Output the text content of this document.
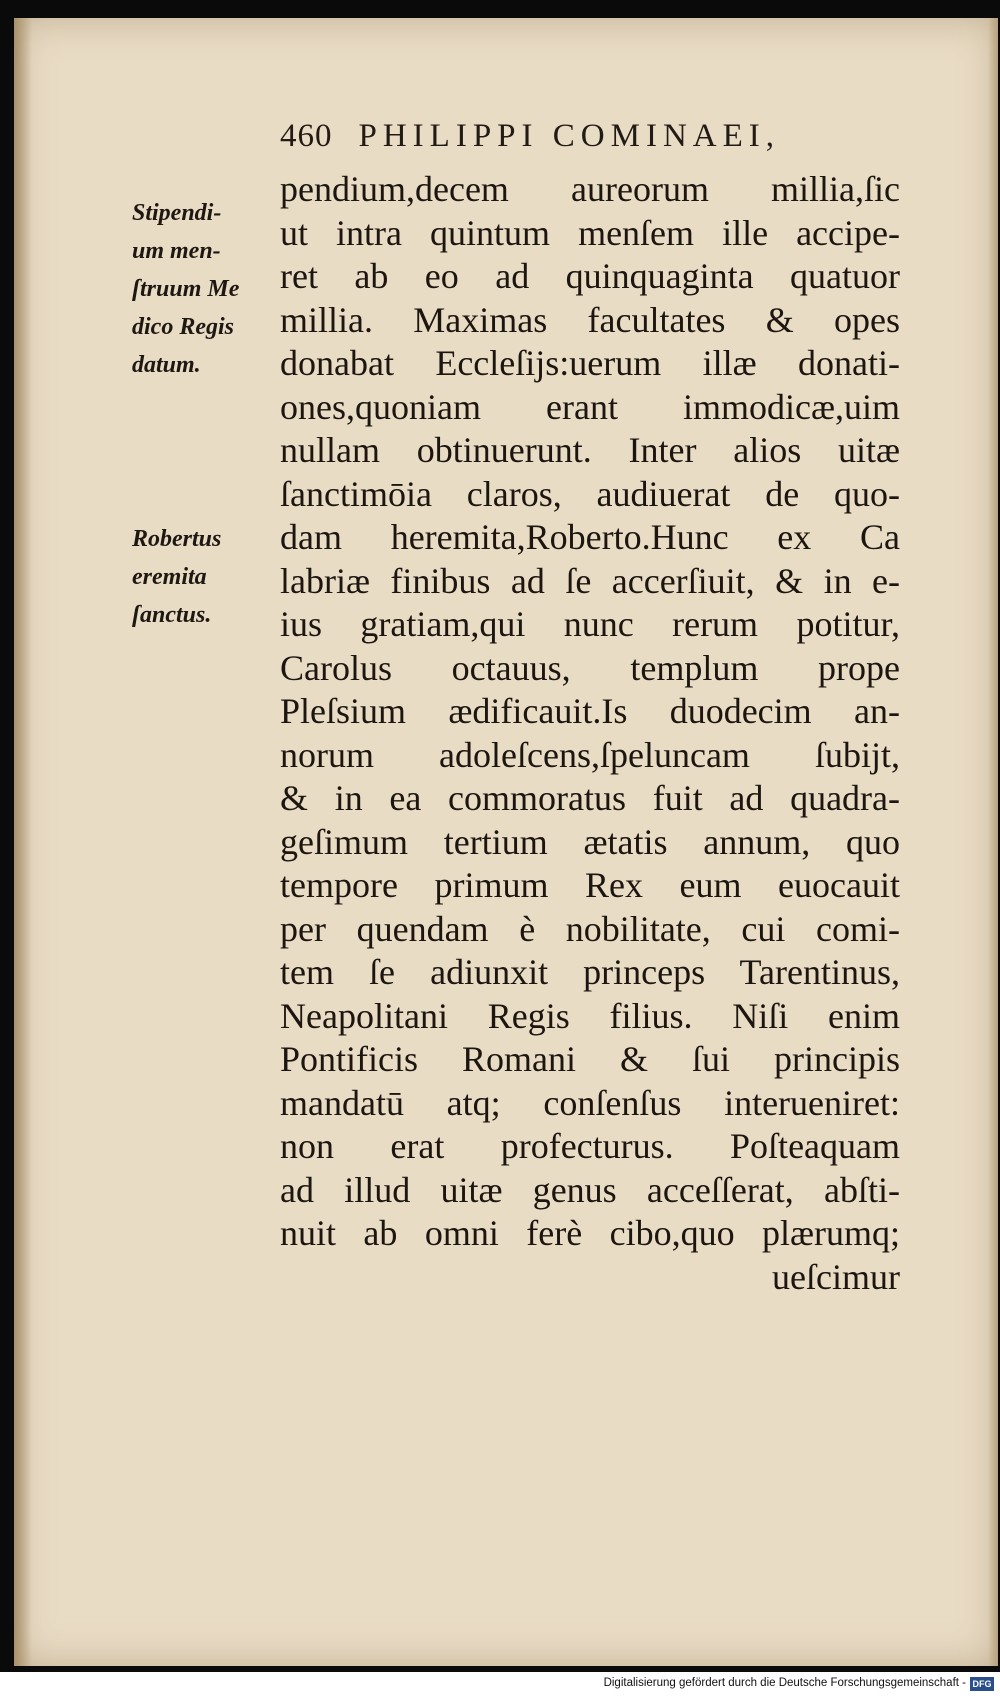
460 PHILIPPI COMINAEI,
Stipendi-
um men-
ſtruum Me
dico Regis
datum.
Robertus
eremita
ſanctus.
pendium,decem aureorum millia,ſic
ut intra quintum menſem ille accipe-
ret ab eo ad quinquaginta quatuor
millia. Maximas facultates & opes
donabat Eccleſijs:uerum illæ donati-
ones,quoniam erant immodicæ,uim
nullam obtinuerunt. Inter alios uitæ
ſanctimōia claros, audiuerat de quo-
dam heremita,Roberto.Hunc ex Ca
labriæ finibus ad ſe accerſiuit, & in e-
ius gratiam,qui nunc rerum potitur,
Carolus octauus, templum prope
Pleſsium ædificauit.Is duodecim an-
norum adoleſcens,ſpeluncam ſubijt,
& in ea commoratus fuit ad quadra-
geſimum tertium ætatis annum, quo
tempore primum Rex eum euocauit
per quendam è nobilitate, cui comi-
tem ſe adiunxit princeps Tarentinus,
Neapolitani Regis filius. Niſi enim
Pontificis Romani & ſui principis
mandatū atq; conſenſus interueniret:
non erat profecturus. Poſteaquam
ad illud uitæ genus acceſſerat, abſti-
nuit ab omni ferè cibo,quo plærumq;
ueſcimur
Digitalisierung gefördert durch die Deutsche Forschungsgemeinschaft - DFG
